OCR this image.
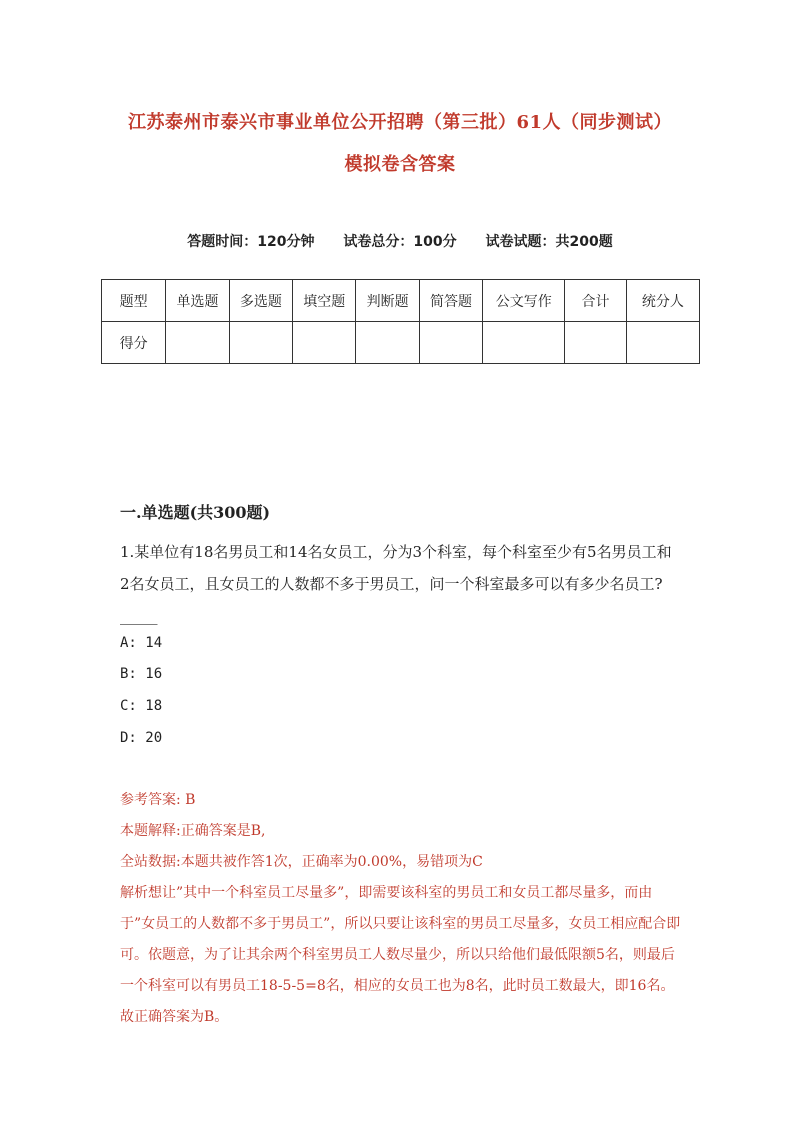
江苏泰州市泰兴市事业单位公开招聘（第三批）61人（同步测试）
模拟卷含答案
答题时间：120分钟 试卷总分：100分 试卷试题：共200题
题型	单选题	多选题	填空题	判断题	简答题	公文写作	合计	统分人
得分								
一.单选题(共300题)
1.某单位有18名男员工和14名女员工，分为3个科室，每个科室至少有5名男员工和2名女员工，且女员工的人数都不多于男员工，问一个科室最多可以有多少名员工?_____
A: 14
B: 16
C: 18
D: 20
参考答案: B
本题解释:正确答案是B,
全站数据:本题共被作答1次，正确率为0.00%，易错项为C
解析想让”其中一个科室员工尽量多”，即需要该科室的男员工和女员工都尽量多，而由于”女员工的人数都不多于男员工”，所以只要让该科室的男员工尽量多，女员工相应配合即可。依题意，为了让其余两个科室男员工人数尽量少，所以只给他们最低限额5名，则最后一个科室可以有男员工18-5-5=8名，相应的女员工也为8名，此时员工数最大，即16名。故正确答案为B。
